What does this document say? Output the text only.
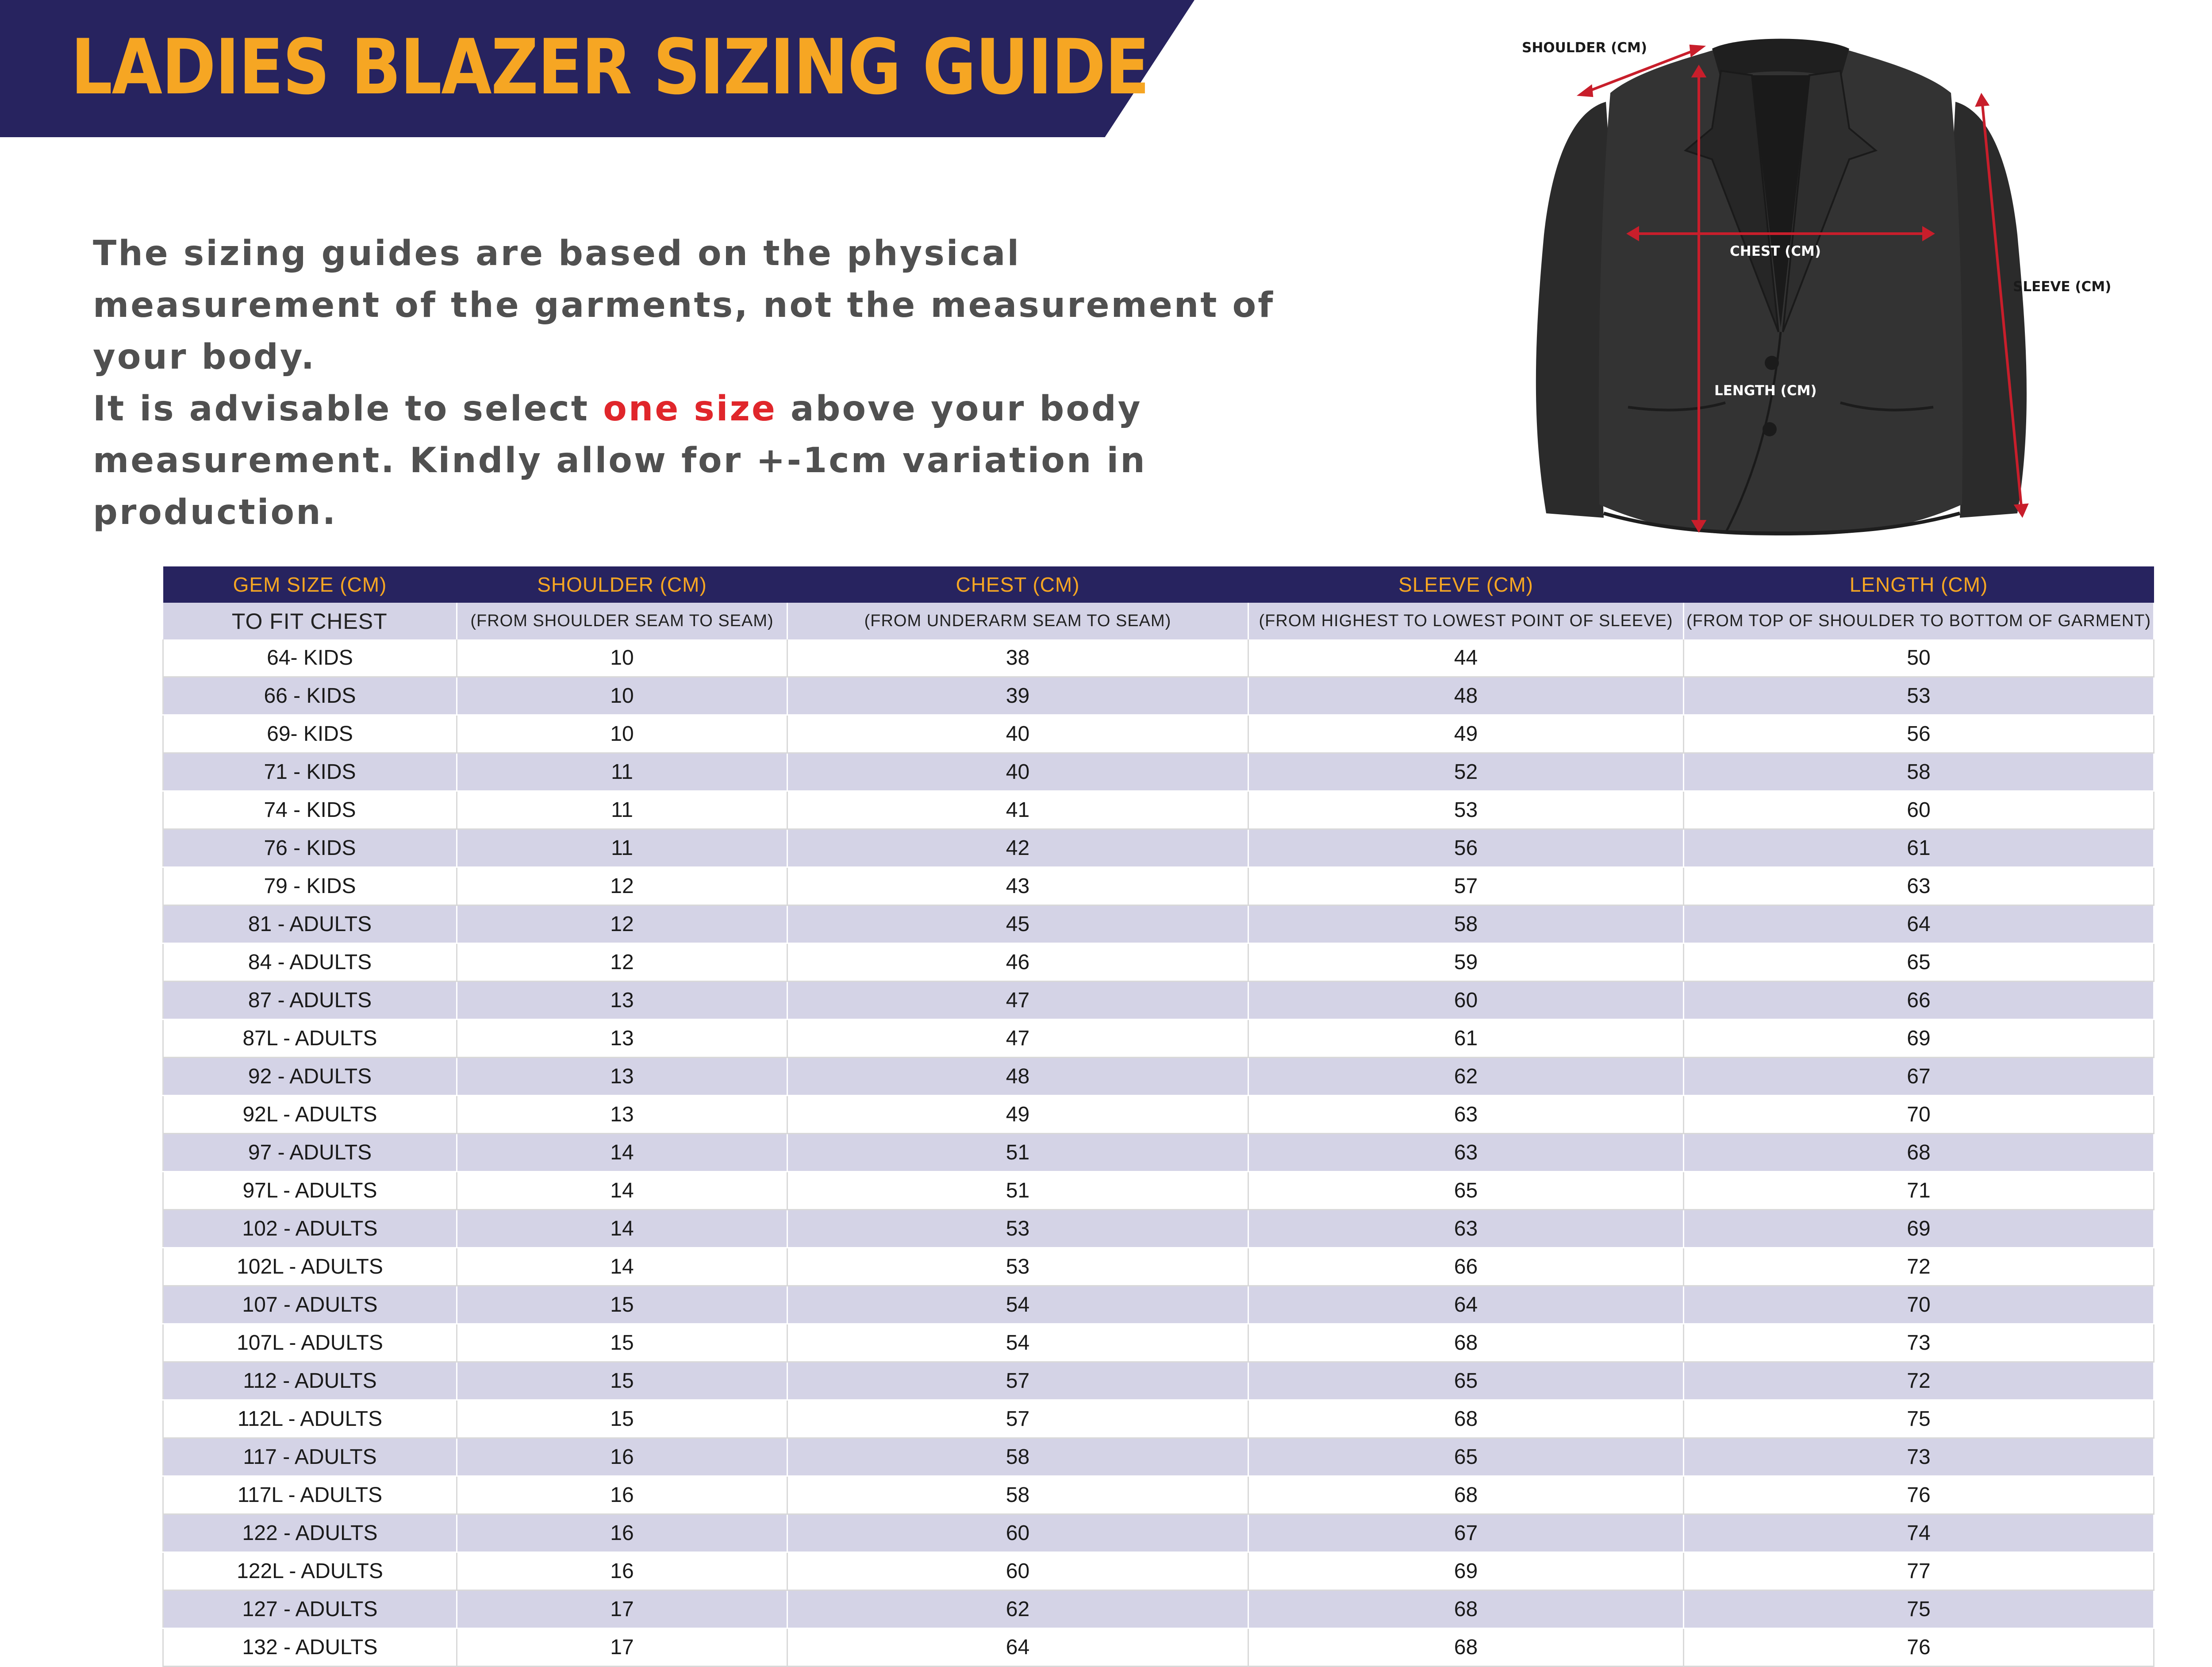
LADIES BLAZER SIZING GUIDE

The sizing guides are based on the physical measurement of the garments, not the measurement of your body.

It is advisable to select one size above your body measurement. Kindly allow for +-1cm variation in production.

SHOULDER (CM)

CHEST (CM)

SLEEVE (CM)

LENGTH (CM)

GEM SIZE (CM)	SHOULDER (CM)	CHEST (CM)	SLEEVE (CM)	LENGTH (CM)
TO FIT CHEST	(FROM SHOULDER SEAM TO SEAM)	(FROM UNDERARM SEAM TO SEAM)	(FROM HIGHEST TO LOWEST POINT OF SLEEVE)	(FROM TOP OF SHOULDER TO BOTTOM OF GARMENT)
64- KIDS	10	38	44	50
66 - KIDS	10	39	48	53
69- KIDS	10	40	49	56
71 - KIDS	11	40	52	58
74 - KIDS	11	41	53	60
76 - KIDS	11	42	56	61
79 - KIDS	12	43	57	63
81 - ADULTS	12	45	58	64
84 - ADULTS	12	46	59	65
87 - ADULTS	13	47	60	66
87L - ADULTS	13	47	61	69
92 - ADULTS	13	48	62	67
92L - ADULTS	13	49	63	70
97 - ADULTS	14	51	63	68
97L - ADULTS	14	51	65	71
102 - ADULTS	14	53	63	69
102L - ADULTS	14	53	66	72
107 - ADULTS	15	54	64	70
107L - ADULTS	15	54	68	73
112 - ADULTS	15	57	65	72
112L - ADULTS	15	57	68	75
117 - ADULTS	16	58	65	73
117L - ADULTS	16	58	68	76
122 - ADULTS	16	60	67	74
122L - ADULTS	16	60	69	77
127 - ADULTS	17	62	68	75
132 - ADULTS	17	64	68	76
